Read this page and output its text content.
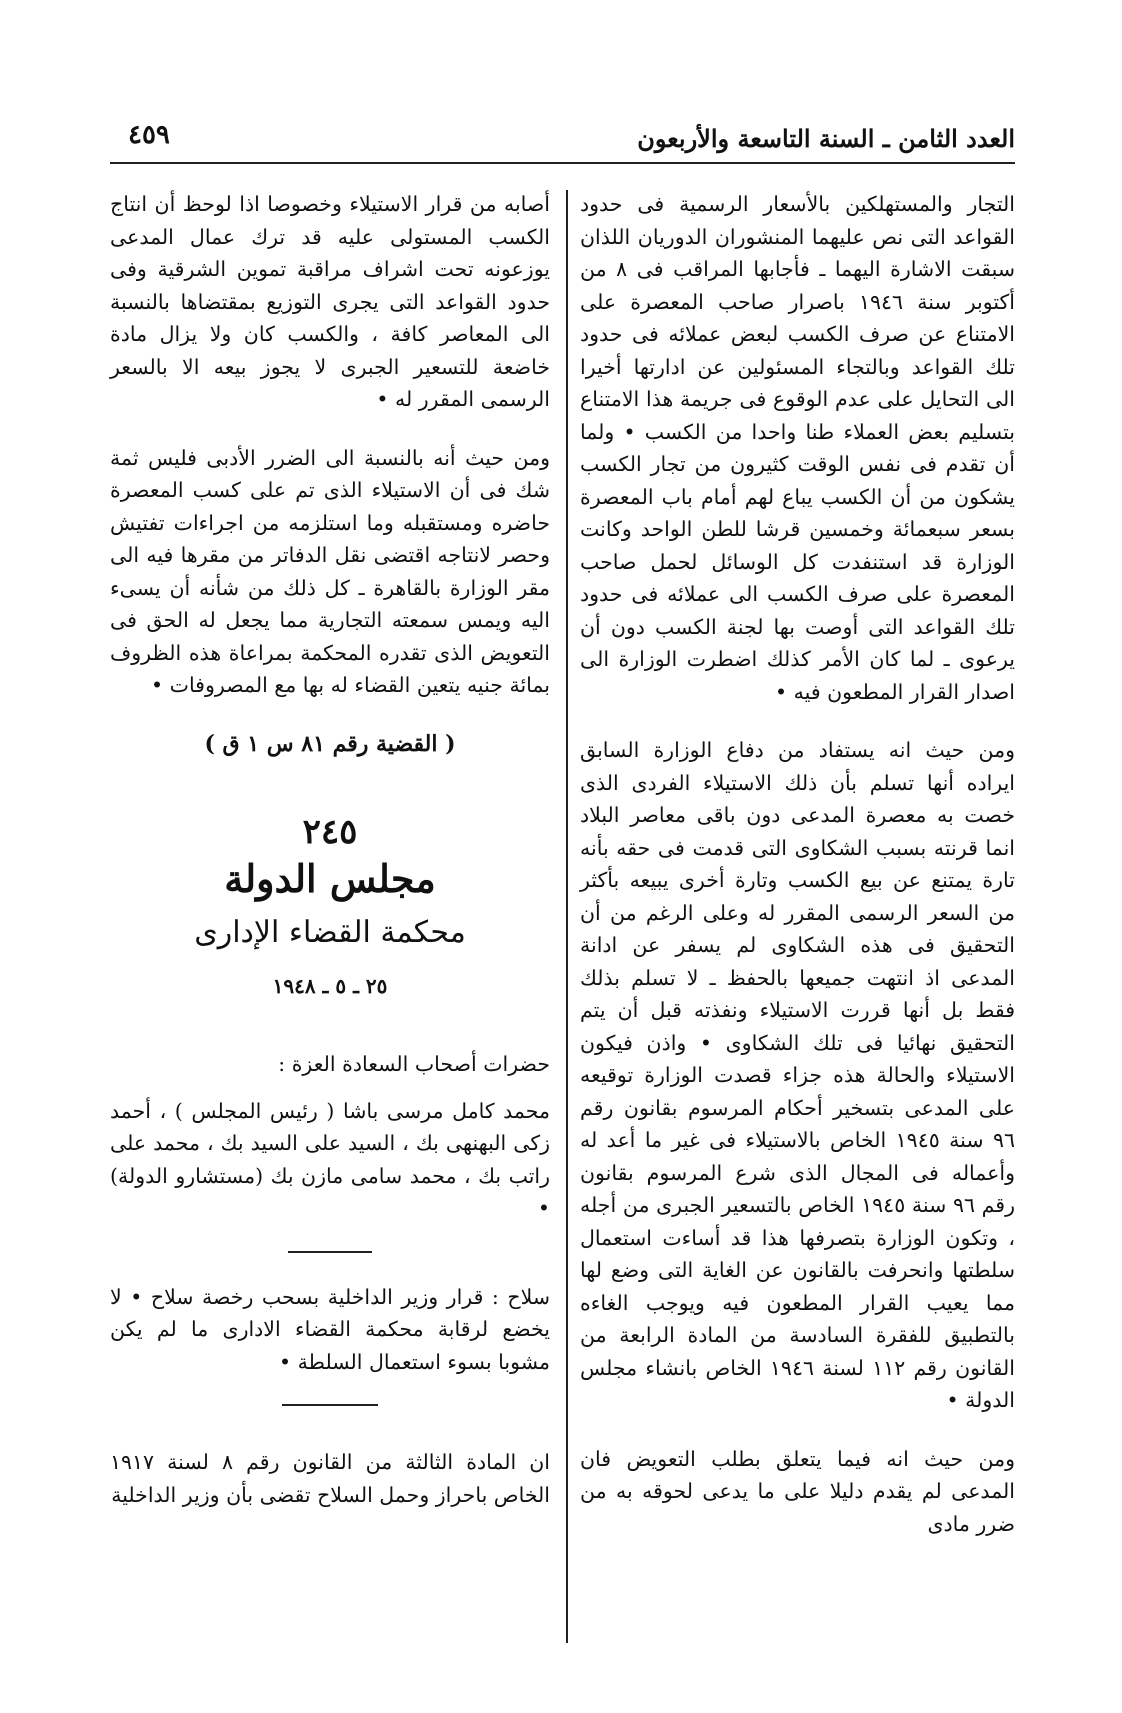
العدد الثامن ـ السنة التاسعة والأربعون
٤٥٩

التجار والمستهلكين بالأسعار الرسمية فى حدود القواعد التى نص عليهما المنشوران الدوريان اللذان سبقت الاشارة اليهما ـ فأجابها المراقب فى ٨ من أكتوبر سنة ١٩٤٦ باصرار صاحب المعصرة على الامتناع عن صرف الكسب لبعض عملائه فى حدود تلك القواعد وبالتجاء المسئولين عن ادارتها أخيرا الى التحايل على عدم الوقوع فى جريمة هذا الامتناع بتسليم بعض العملاء طنا واحدا من الكسب • ولما أن تقدم فى نفس الوقت كثيرون من تجار الكسب يشكون من أن الكسب يباع لهم أمام باب المعصرة بسعر سبعمائة وخمسين قرشا للطن الواحد وكانت الوزارة قد استنفدت كل الوسائل لحمل صاحب المعصرة على صرف الكسب الى عملائه فى حدود تلك القواعد التى أوصت بها لجنة الكسب دون أن يرعوى ـ لما كان الأمر كذلك اضطرت الوزارة الى اصدار القرار المطعون فيه •

ومن حيث انه يستفاد من دفاع الوزارة السابق ايراده أنها تسلم بأن ذلك الاستيلاء الفردى الذى خصت به معصرة المدعى دون باقى معاصر البلاد انما قرنته بسبب الشكاوى التى قدمت فى حقه بأنه تارة يمتنع عن بيع الكسب وتارة أخرى يبيعه بأكثر من السعر الرسمى المقرر له وعلى الرغم من أن التحقيق فى هذه الشكاوى لم يسفر عن ادانة المدعى اذ انتهت جميعها بالحفظ ـ لا تسلم بذلك فقط بل أنها قررت الاستيلاء ونفذته قبل أن يتم التحقيق نهائيا فى تلك الشكاوى • واذن فيكون الاستيلاء والحالة هذه جزاء قصدت الوزارة توقيعه على المدعى بتسخير أحكام المرسوم بقانون رقم ٩٦ سنة ١٩٤٥ الخاص بالاستيلاء فى غير ما أعد له وأعماله فى المجال الذى شرع المرسوم بقانون رقم ٩٦ سنة ١٩٤٥ الخاص بالتسعير الجبرى من أجله ، وتكون الوزارة بتصرفها هذا قد أساءت استعمال سلطتها وانحرفت بالقانون عن الغاية التى وضع لها مما يعيب القرار المطعون فيه ويوجب الغاءه بالتطبيق للفقرة السادسة من المادة الرابعة من القانون رقم ١١٢ لسنة ١٩٤٦ الخاص بانشاء مجلس الدولة •

ومن حيث انه فيما يتعلق بطلب التعويض فان المدعى لم يقدم دليلا على ما يدعى لحوقه به من ضرر مادى

أصابه من قرار الاستيلاء وخصوصا اذا لوحظ أن انتاج الكسب المستولى عليه قد ترك عمال المدعى يوزعونه تحت اشراف مراقبة تموين الشرقية وفى حدود القواعد التى يجرى التوزيع بمقتضاها بالنسبة الى المعاصر كافة ، والكسب كان ولا يزال مادة خاضعة للتسعير الجبرى لا يجوز بيعه الا بالسعر الرسمى المقرر له •

ومن حيث أنه بالنسبة الى الضرر الأدبى فليس ثمة شك فى أن الاستيلاء الذى تم على كسب المعصرة حاضره ومستقبله وما استلزمه من اجراءات تفتيش وحصر لانتاجه اقتضى نقل الدفاتر من مقرها فيه الى مقر الوزارة بالقاهرة ـ كل ذلك من شأنه أن يسىء اليه ويمس سمعته التجارية مما يجعل له الحق فى التعويض الذى تقدره المحكمة بمراعاة هذه الظروف بمائة جنيه يتعين القضاء له بها مع المصروفات •

( القضية رقم ٨١ س ١ ق )
٢٤٥
مجلس الدولة
محكمة القضاء الإدارى
٢٥ ـ ٥ ـ ١٩٤٨

حضرات أصحاب السعادة العزة :

محمد كامل مرسى باشا ( رئيس المجلس ) ، أحمد زكى البهنهى بك ، السيد على السيد بك ، محمد على راتب بك ، محمد سامى مازن بك (مستشارو الدولة) •

سلاح : قرار وزير الداخلية بسحب رخصة سلاح • لا يخضع لرقابة محكمة القضاء الادارى ما لم يكن مشوبا بسوء استعمال السلطة •

ان المادة الثالثة من القانون رقم ٨ لسنة ١٩١٧ الخاص باحراز وحمل السلاح تقضى بأن وزير الداخلية
